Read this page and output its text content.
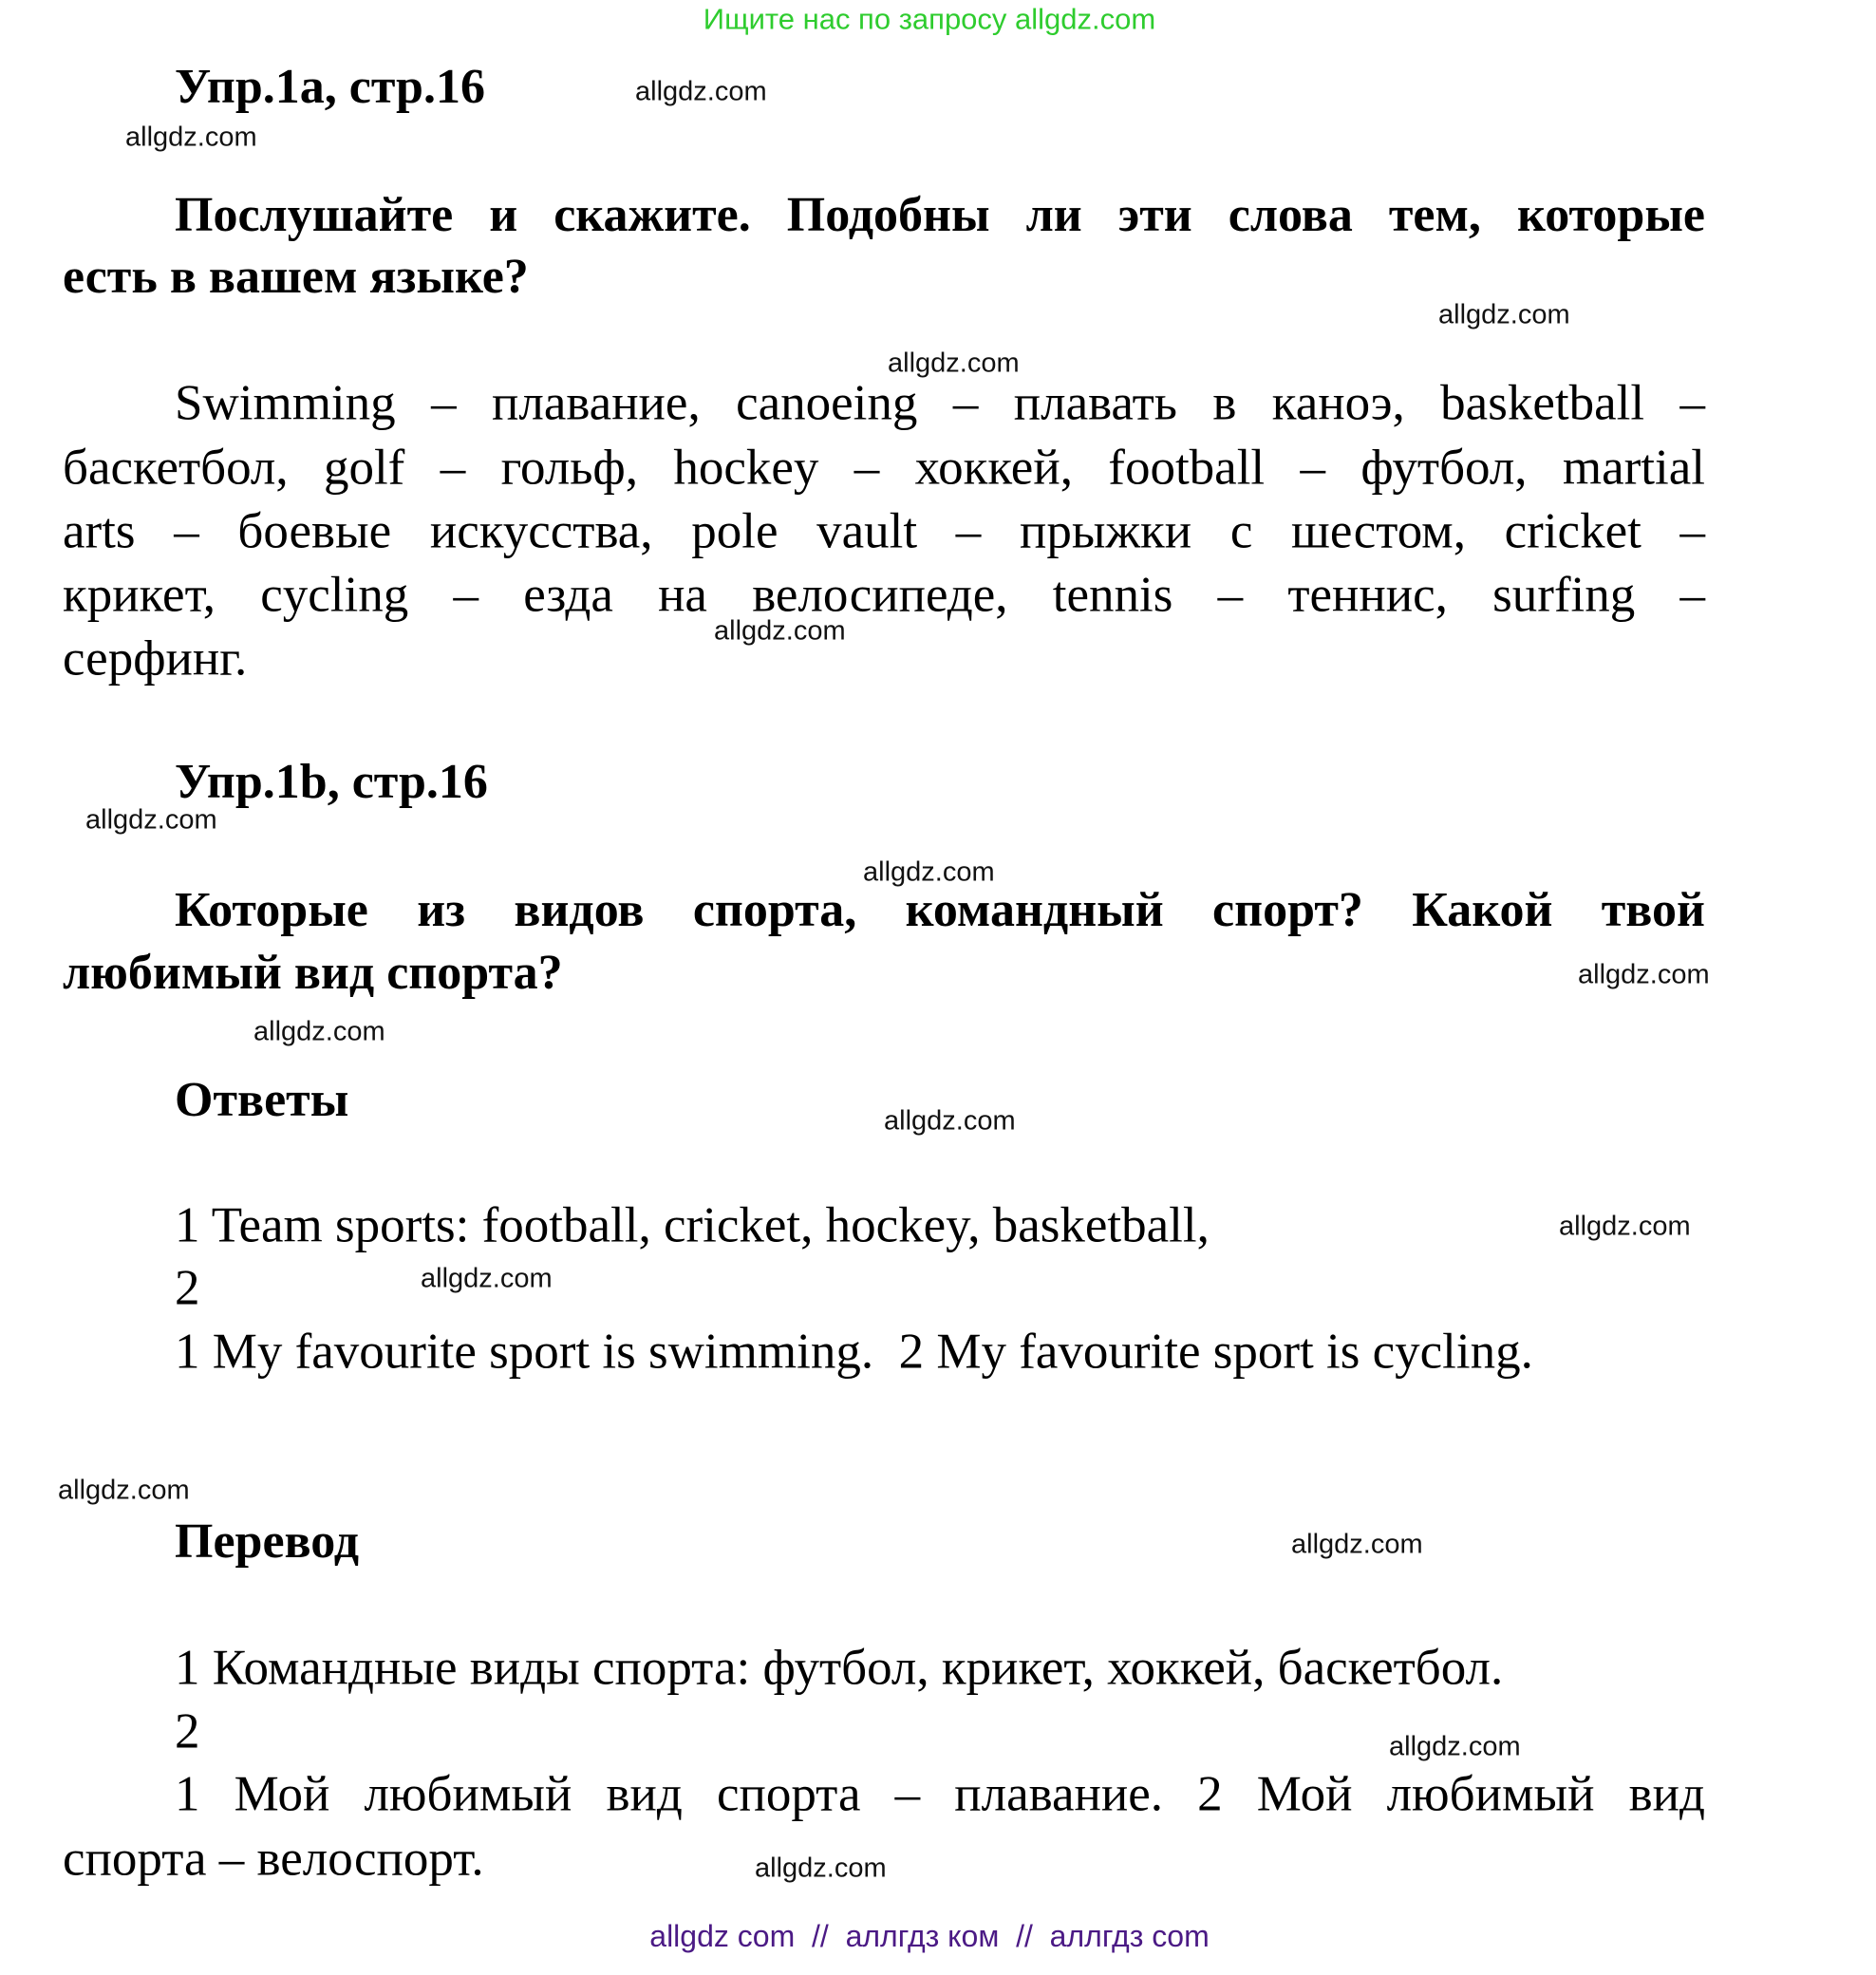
Ищите нас по запросу allgdz.com
Упр.1a, стр.16	allgdz.com
allgdz.com
Послушайте и скажите. Подобны ли эти слова тем, которые
есть в вашем языке?
allgdz.com
allgdz.com
Swimming – плавание, canoeing – плавать в каноэ, basketball –
баскетбол, golf – гольф, hockey – хоккей, football – футбол, martial
arts – боевые искусства, pole vault – прыжки с шестом, cricket –
крикет, cycling – езда на велосипеде, tennis – теннис, surfing –
allgdz.com
серфинг.
Упр.1b, стр.16
allgdz.com
allgdz.com
Которые из видов спорта, командный спорт? Какой твой
любимый вид спорта?	allgdz.com
allgdz.com
Ответы	allgdz.com
1 Team sports: football, cricket, hockey, basketball,	allgdz.com
2	allgdz.com
1 My favourite sport is swimming.  2 My favourite sport is cycling.
allgdz.com
Перевод	allgdz.com
1 Командные виды спорта: футбол, крикет, хоккей, баскетбол.
2	allgdz.com
1 Мой любимый вид спорта – плавание. 2 Мой любимый вид
спорта – велоспорт.	allgdz.com
allgdz com  //  аллгдз ком  //  аллгдз com
